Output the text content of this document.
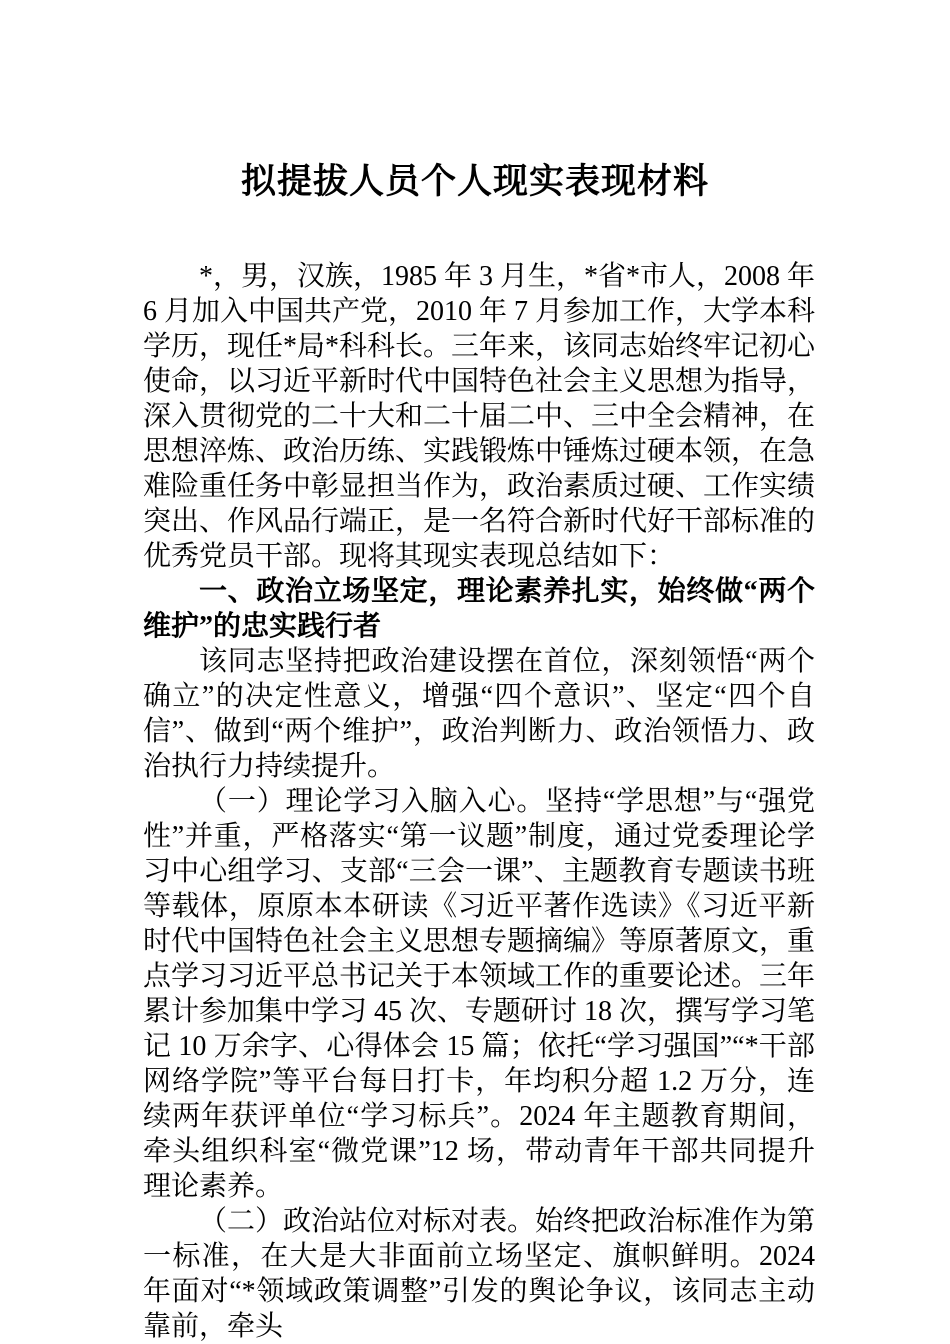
拟提拔人员个人现实表现材料

*，男，汉族，1985 年 3 月生，*省*市人，2008 年 6 月加入中国共产党，2010 年 7 月参加工作，大学本科学历，现任*局*科科长。三年来，该同志始终牢记初心使命，以习近平新时代中国特色社会主义思想为指导，深入贯彻党的二十大和二十届二中、三中全会精神，在思想淬炼、政治历练、实践锻炼中锤炼过硬本领，在急难险重任务中彰显担当作为，政治素质过硬、工作实绩突出、作风品行端正，是一名符合新时代好干部标准的优秀党员干部。现将其现实表现总结如下：

一、政治立场坚定，理论素养扎实，始终做“两个维护”的忠实践行者

该同志坚持把政治建设摆在首位，深刻领悟“两个确立”的决定性意义，增强“四个意识”、坚定“四个自信”、做到“两个维护”，政治判断力、政治领悟力、政治执行力持续提升。

（一）理论学习入脑入心。坚持“学思想”与“强党性”并重，严格落实“第一议题”制度，通过党委理论学习中心组学习、支部“三会一课”、主题教育专题读书班等载体，原原本本研读《习近平著作选读》《习近平新时代中国特色社会主义思想专题摘编》等原著原文，重点学习习近平总书记关于本领域工作的重要论述。三年累计参加集中学习 45 次、专题研讨 18 次，撰写学习笔记 10 万余字、心得体会 15 篇；依托“学习强国”“*干部网络学院”等平台每日打卡，年均积分超 1.2 万分，连续两年获评单位“学习标兵”。2024 年主题教育期间，牵头组织科室“微党课”12 场，带动青年干部共同提升理论素养。

（二）政治站位对标对表。始终把政治标准作为第一标准，在大是大非面前立场坚定、旗帜鲜明。2024 年面对“*领域政策调整”引发的舆论争议，该同志主动靠前，牵头
